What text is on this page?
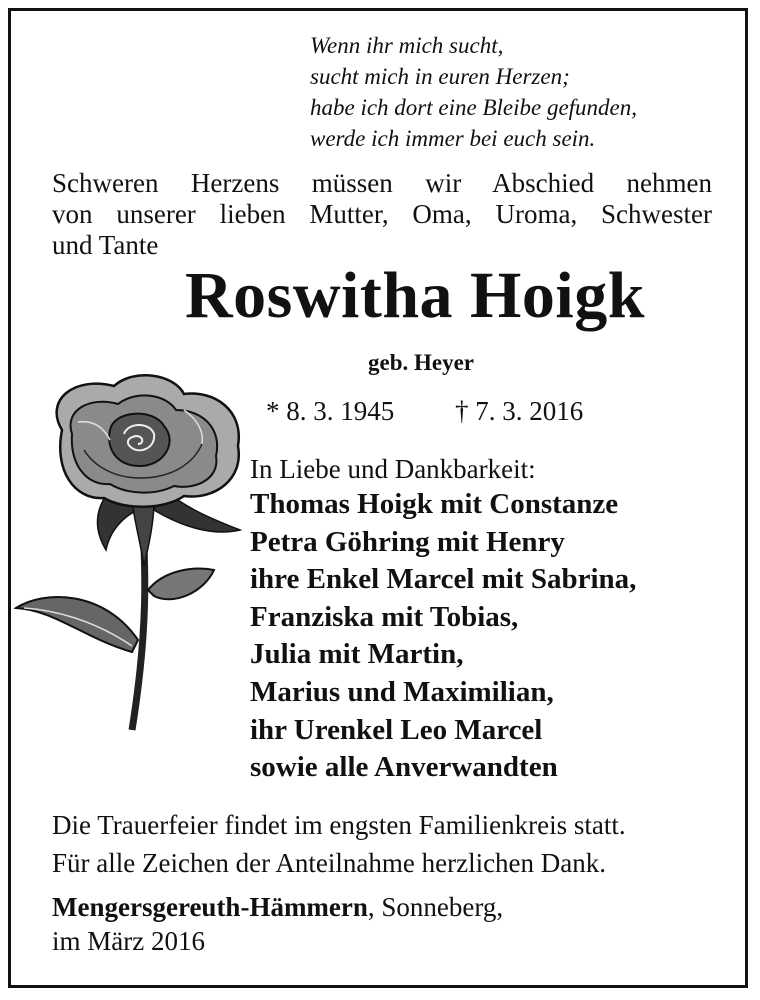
Wenn ihr mich sucht,
sucht mich in euren Herzen;
habe ich dort eine Bleibe gefunden,
werde ich immer bei euch sein.
Schweren Herzens müssen wir Abschied nehmen
von unserer lieben Mutter, Oma, Uroma, Schwester
und Tante
Roswitha Hoigk
geb. Heyer
* 8. 3. 1945 † 7. 3. 2016
In Liebe und Dankbarkeit:
Thomas Hoigk mit Constanze
Petra Göhring mit Henry
ihre Enkel Marcel mit Sabrina,
Franziska mit Tobias,
Julia mit Martin,
Marius und Maximilian,
ihr Urenkel Leo Marcel
sowie alle Anverwandten
Die Trauerfeier findet im engsten Familienkreis statt.
Für alle Zeichen der Anteilnahme herzlichen Dank.
Mengersgereuth-Hämmern, Sonneberg,
im März 2016
